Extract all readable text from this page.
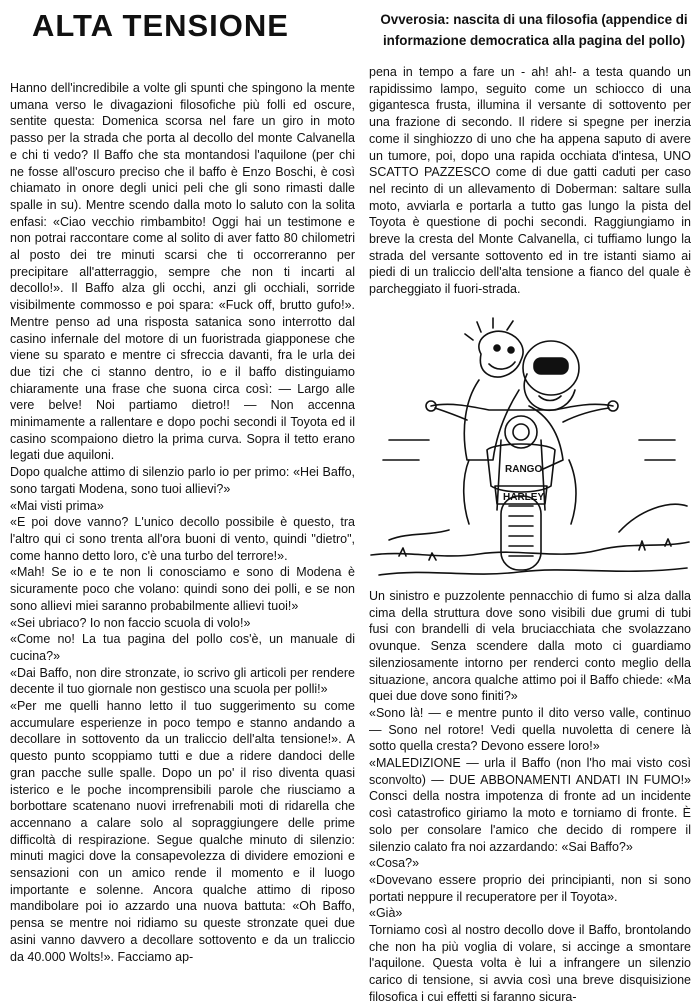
ALTA TENSIONE	Ovverosia: nascita di una filosofia (appendice di informazione democratica alla pagina del pollo)

Hanno dell'incredibile a volte gli spunti che spingono la mente umana verso le divagazioni filosofiche più folli ed oscure, sentite questa: Domenica scorsa nel fare un giro in moto passo per la strada che porta al decollo del monte Calvanella e chi ti vedo? Il Baffo che sta montandosi l'aquilone (per chi ne fosse all'oscuro preciso che il baffo è Enzo Boschi, è così chiamato in onore degli unici peli che gli sono rimasti dalle spalle in su). Mentre scendo dalla moto lo saluto con la solita enfasi: «Ciao vecchio rimbambito! Oggi hai un testimone e non potrai raccontare come al solito di aver fatto 80 chilometri al posto dei tre minuti scarsi che ti occorreranno per precipitare all'atterraggio, sempre che non ti incarti al decollo!». Il Baffo alza gli occhi, anzi gli occhiali, sorride visibilmente commosso e poi spara: «Fuck off, brutto gufo!». Mentre penso ad una risposta satanica sono interrotto dal casino infernale del motore di un fuoristrada giapponese che viene su sparato e mentre ci sfreccia davanti, fra le urla dei due tizi che ci stanno dentro, io e il baffo distinguiamo chiaramente una frase che suona circa così: — Largo alle vere belve! Noi partiamo dietro!! — Non accenna minimamente a rallentare e dopo pochi secondi il Toyota ed il casino scompaiono dietro la prima curva. Sopra il tetto erano legati due aquiloni.

Dopo qualche attimo di silenzio parlo io per primo: «Hei Baffo, sono targati Modena, sono tuoi allievi?»

«Mai visti prima»

«E poi dove vanno? L'unico decollo possibile è questo, tra l'altro qui ci sono trenta all'ora buoni di vento, quindi "dietro", come hanno detto loro, c'è una turbo del terrore!».

«Mah! Se io e te non li conosciamo e sono di Modena è sicuramente poco che volano: quindi sono dei polli, e se non sono allievi miei saranno probabilmente allievi tuoi!»

«Sei ubriaco? Io non faccio scuola di volo!»

«Come no! La tua pagina del pollo cos'è, un manuale di cucina?»

«Dai Baffo, non dire stronzate, io scrivo gli articoli per rendere decente il tuo giornale non gestisco una scuola per polli!»

«Per me quelli hanno letto il tuo suggerimento su come accumulare esperienze in poco tempo e stanno andando a decollare in sottovento da un traliccio dell'alta tensione!». A questo punto scoppiamo tutti e due a ridere dandoci delle gran pacche sulle spalle. Dopo un po' il riso diventa quasi isterico e le poche incomprensibili parole che riusciamo a borbottare scatenano nuovi irrefrenabili moti di ridarella che accennano a calare solo al sopraggiungere delle prime difficoltà di respirazione. Segue qualche minuto di silenzio: minuti magici dove la consapevolezza di dividere emozioni e sensazioni con un amico rende il momento e il luogo importante e solenne. Ancora qualche attimo di riposo mandibolare poi io azzardo una nuova battuta: «Oh Baffo, pensa se mentre noi ridiamo su queste stronzate quei due asini vanno davvero a decollare sottovento e da un traliccio da 40.000 Wolts!». Facciamo ap-

pena in tempo a fare un - ah! ah!- a testa quando un rapidissimo lampo, seguito come un schiocco di una gigantesca frusta, illumina il versante di sottovento per una frazione di secondo. Il ridere si spegne per inerzia come il singhiozzo di uno che ha appena saputo di avere un tumore, poi, dopo una rapida occhiata d'intesa, UNO SCATTO PAZZESCO come di due gatti caduti per caso nel recinto di un allevamento di Doberman: saltare sulla moto, avviarla e portarla a tutto gas lungo la pista del Toyota è questione di pochi secondi. Raggiungiamo in breve la cresta del Monte Calvanella, ci tuffiamo lungo la strada del versante sottovento ed in tre istanti siamo ai piedi di un traliccio dell'alta tensione a fianco del quale è parcheggiato il fuori-strada.

RANGO
HARLEY

Un sinistro e puzzolente pennacchio di fumo si alza dalla cima della struttura dove sono visibili due grumi di tubi fusi con brandelli di vela bruciacchiata che svolazzano ovunque. Senza scendere dalla moto ci guardiamo silenziosamente intorno per renderci conto meglio della situazione, ancora qualche attimo poi il Baffo chiede: «Ma quei due dove sono finiti?»

«Sono là! — e mentre punto il dito verso valle, continuo — Sono nel rotore! Vedi quella nuvoletta di cenere là sotto quella cresta? Devono essere loro!»

«MALEDIZIONE — urla il Baffo (non l'ho mai visto così sconvolto) — DUE ABBONAMENTI ANDATI IN FUMO!» Consci della nostra impotenza di fronte ad un incidente così catastrofico giriamo la moto e torniamo di fronte. È solo per consolare l'amico che decido di rompere il silenzio calato fra noi azzardando: «Sai Baffo?»

«Cosa?»

«Dovevano essere proprio dei principianti, non si sono portati neppure il recuperatore per il Toyota».

«Già»

Torniamo così al nostro decollo dove il Baffo, brontolando che non ha più voglia di volare, si accinge a smontare l'aquilone. Questa volta è lui a infrangere un silenzio carico di tensione, si avvia così una breve disquisizione filosofica i cui effetti si faranno sicura-
